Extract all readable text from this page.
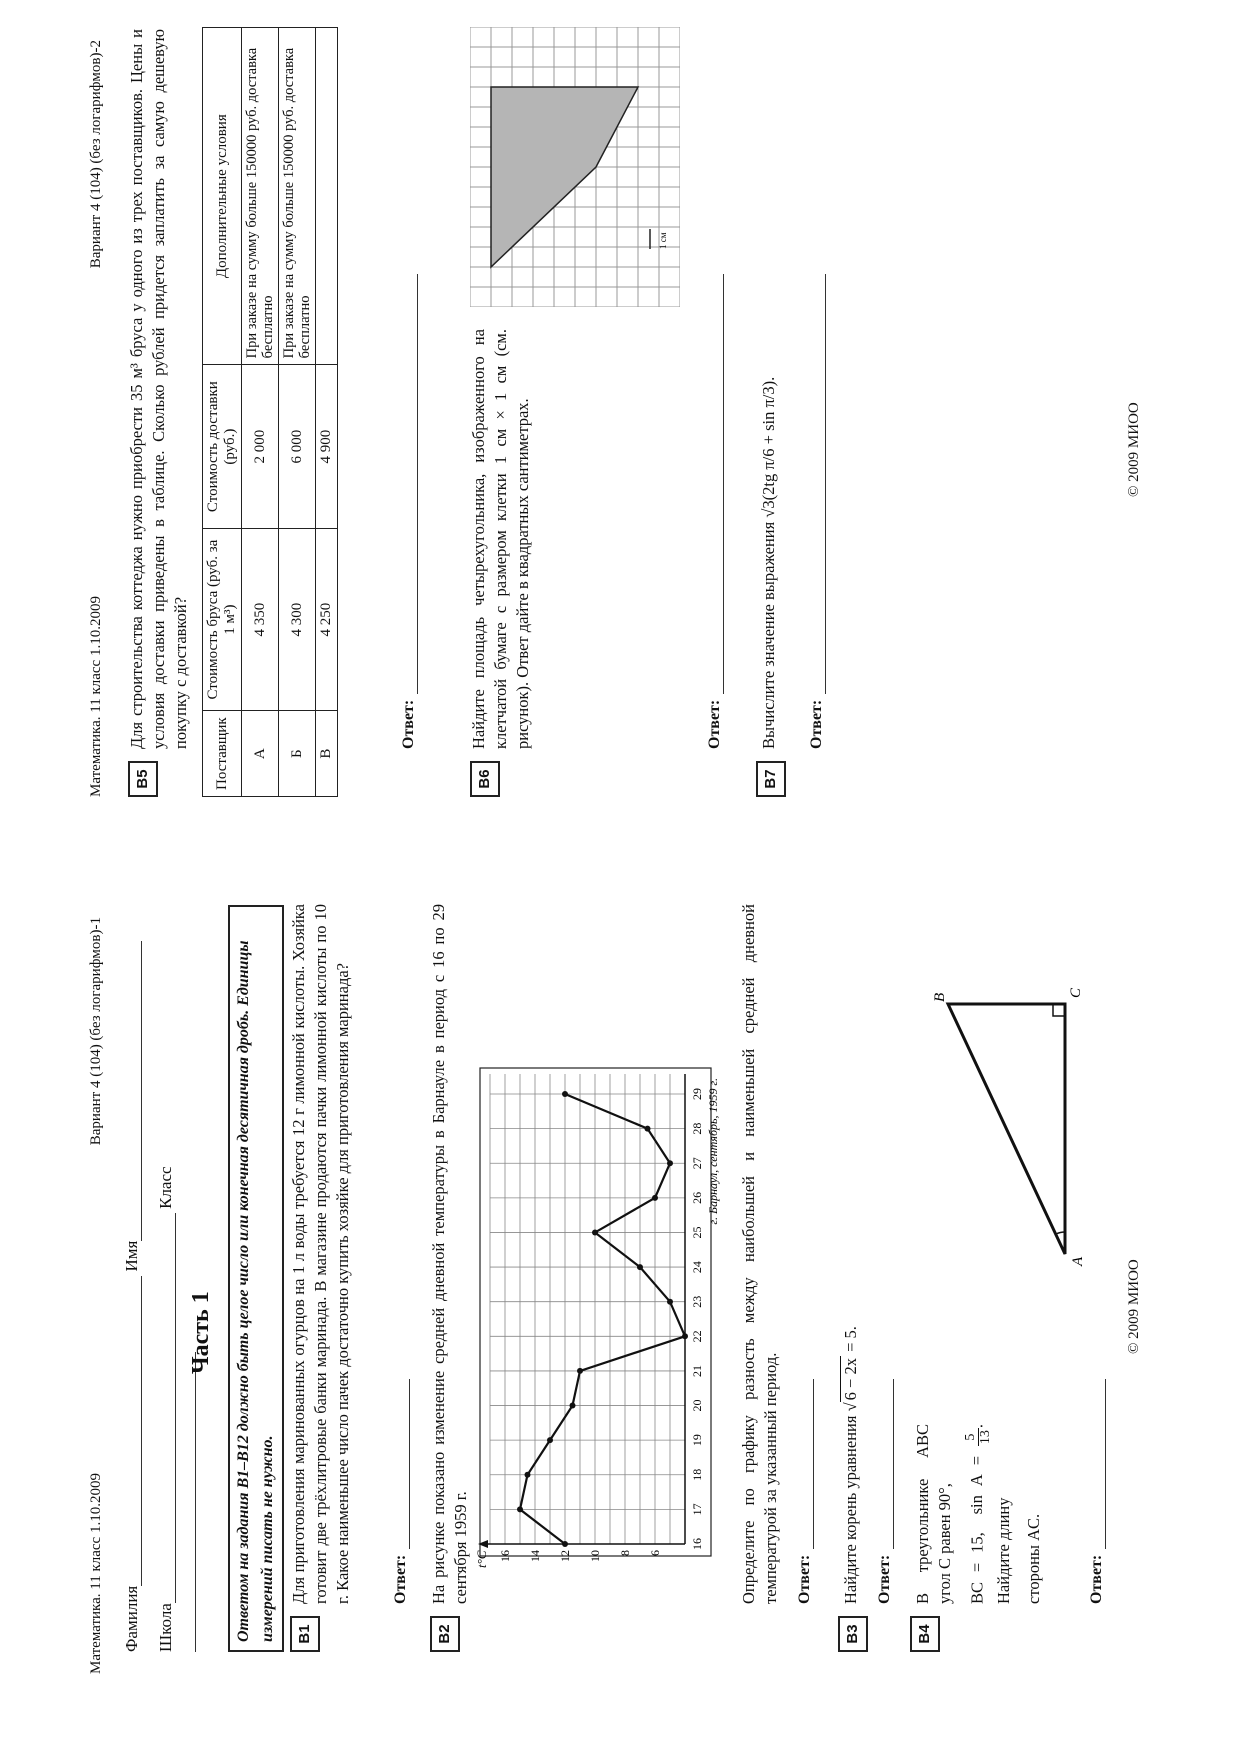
Математика. 11 класс 1.10.2009
Вариант 4 (104) (без логарифмов)-1
Фамилия Имя
Школа Класс
Часть 1	Ответом на задания В1–В12 должно быть целое число или конечная десятичная дробь. Единицы измерений писать не нужно.	B1
Для приготовления маринованных огурцов на 1 л воды требуется 12 г лимонной кислоты. Хозяйка готовит две трёхлитровые банки маринада. В магазине продаются пачки лимонной кислоты по 10 г. Какое наименьшее число пачек достаточно купить хозяйке для приготовления маринада?	Ответ:
B2
На рисунке показано изменение средней дневной температуры в Барнауле в период с 16 по 29 сентября 1959 г.	16
17
18
19
20
21
22
23
24
25
26
27
28
29
6
8
10
12
14
16
t°C
г. Барнаул, сентябрь, 1959 г. Определите по графику разность между наибольшей и наименьшей средней дневной температурой за указанный период. Ответ:
B3
Найдите корень уравнения √6 − 2x = 5.
Ответ:
B4
В треугольнике ABC угол C равен 90°, BC = 15, sin A =
5 13
. Найдите длину стороны AC.
A
B	C
Ответ:
© 2009 МИОО
Математика. 11 класс 1.10.2009
Вариант 4 (104) (без логарифмов)-2
B5
Для строительства коттеджа нужно приобрести 35 м³ бруса у одного из трех поставщиков. Цены и условия доставки приведены в таблице. Сколько рублей придется заплатить за самую дешевую покупку с доставкой?
Поставщик	Стоимость бруса (руб. за 1 м³)	Стоимость доставки (руб.)	Дополнительные условия
А	4 350	2 000	При заказе на сумму больше 150000 руб. доставка бесплатно
Б	4 300	6 000	При заказе на сумму больше 150000 руб. доставка бесплатно
В	4 250	4 900	
Ответ:
B6
Найдите площадь четырехугольника, изображенного на клетчатой бумаге с размером клетки 1 см × 1 см (см. рисунок). Ответ дайте в квадратных сантиметрах.
1 см
Ответ:
B7
Вычислите значение выражения √3(2tg π/6 + sin π/3). Ответ:
© 2009 МИОО
